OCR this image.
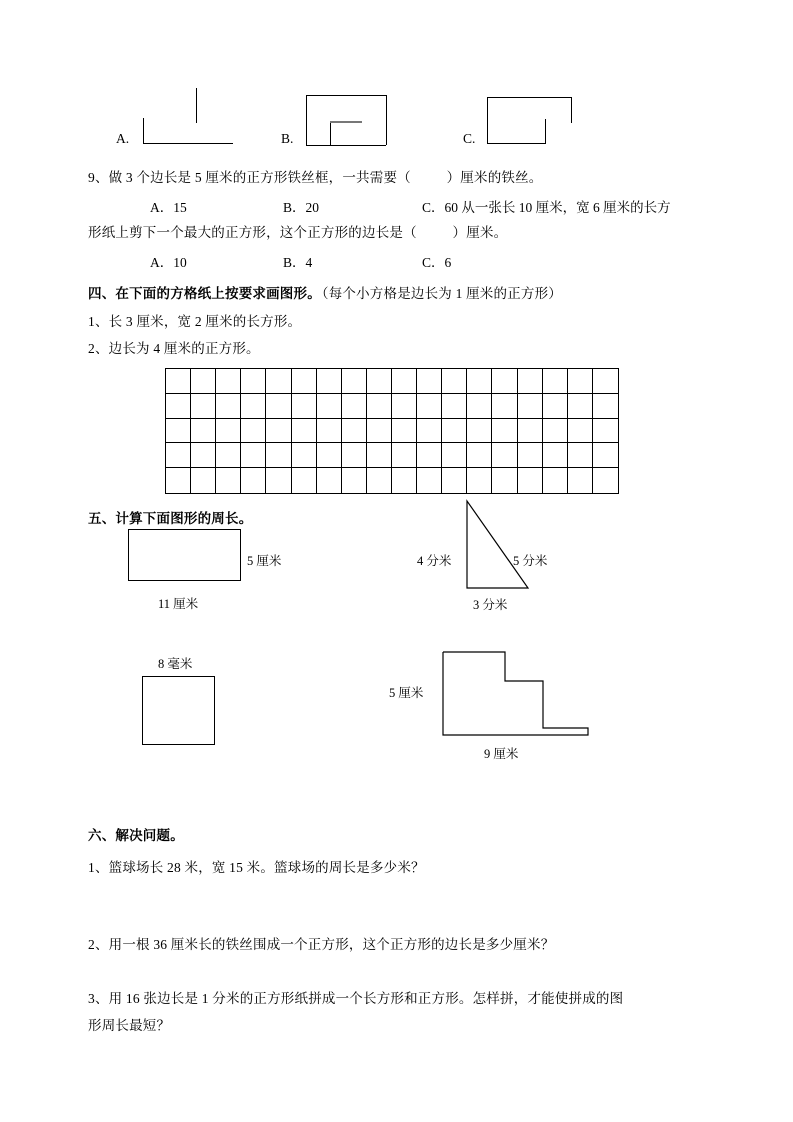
A.	B.	C.
9、做 3 个边长是 5 厘米的正方形铁丝框，一共需要（          ）厘米的铁丝。
A．15	B．20	C．60 从一张长 10 厘米，宽 6 厘米的长方
形纸上剪下一个最大的正方形，这个正方形的边长是（          ）厘米。
A．10	B．4	C．6
四、在下面的方格纸上按要求画图形。
（每个小方格是边长为 1 厘米的正方形）
1、长 3 厘米，宽 2 厘米的长方形。
2、边长为 4 厘米的正方形。
五、计算下面图形的周长。
5 厘米
11 厘米
4 分米	5 分米
3 分米
8 毫米
5 厘米
9 厘米
六、解决问题。
1、篮球场长 28 米，宽 15 米。篮球场的周长是多少米？
2、用一根 36 厘米长的铁丝围成一个正方形，这个正方形的边长是多少厘米？
3、用 16 张边长是 1 分米的正方形纸拼成一个长方形和正方形。怎样拼，才能使拼成的图
形周长最短？
